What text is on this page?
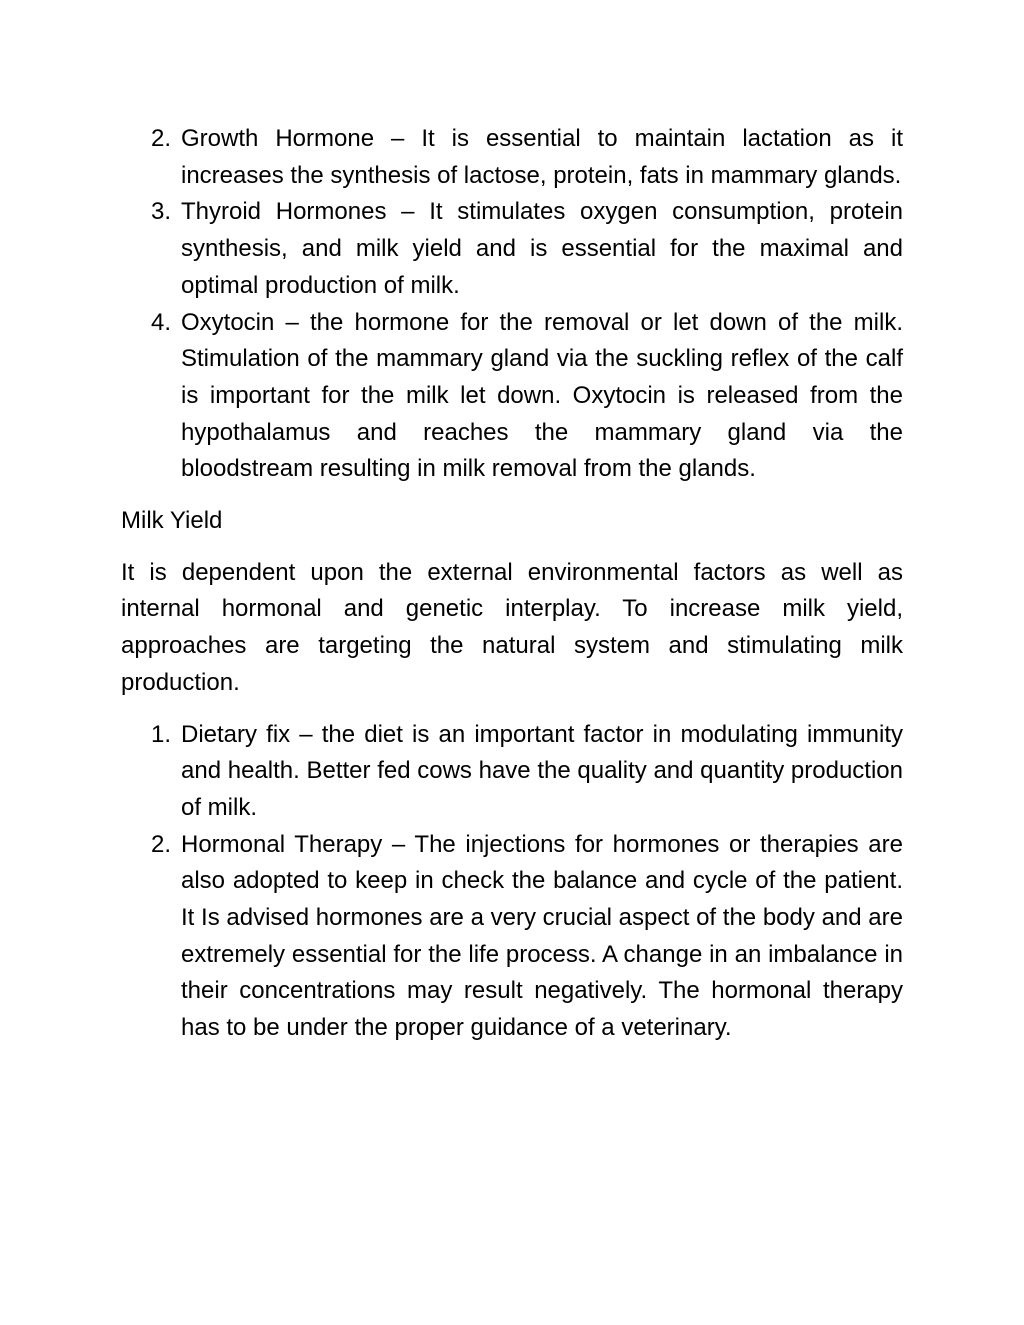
2. Growth Hormone – It is essential to maintain lactation as it increases the synthesis of lactose, protein, fats in mammary glands.
3. Thyroid Hormones – It stimulates oxygen consumption, protein synthesis, and milk yield and is essential for the maximal and optimal production of milk.
4. Oxytocin – the hormone for the removal or let down of the milk. Stimulation of the mammary gland via the suckling reflex of the calf is important for the milk let down. Oxytocin is released from the hypothalamus and reaches the mammary gland via the bloodstream resulting in milk removal from the glands.

Milk Yield

It is dependent upon the external environmental factors as well as internal hormonal and genetic interplay. To increase milk yield, approaches are targeting the natural system and stimulating milk production.

1. Dietary fix – the diet is an important factor in modulating immunity and health. Better fed cows have the quality and quantity production of milk.
2. Hormonal Therapy – The injections for hormones or therapies are also adopted to keep in check the balance and cycle of the patient. It Is advised hormones are a very crucial aspect of the body and are extremely essential for the life process. A change in an imbalance in their concentrations may result negatively. The hormonal therapy has to be under the proper guidance of a veterinary.
